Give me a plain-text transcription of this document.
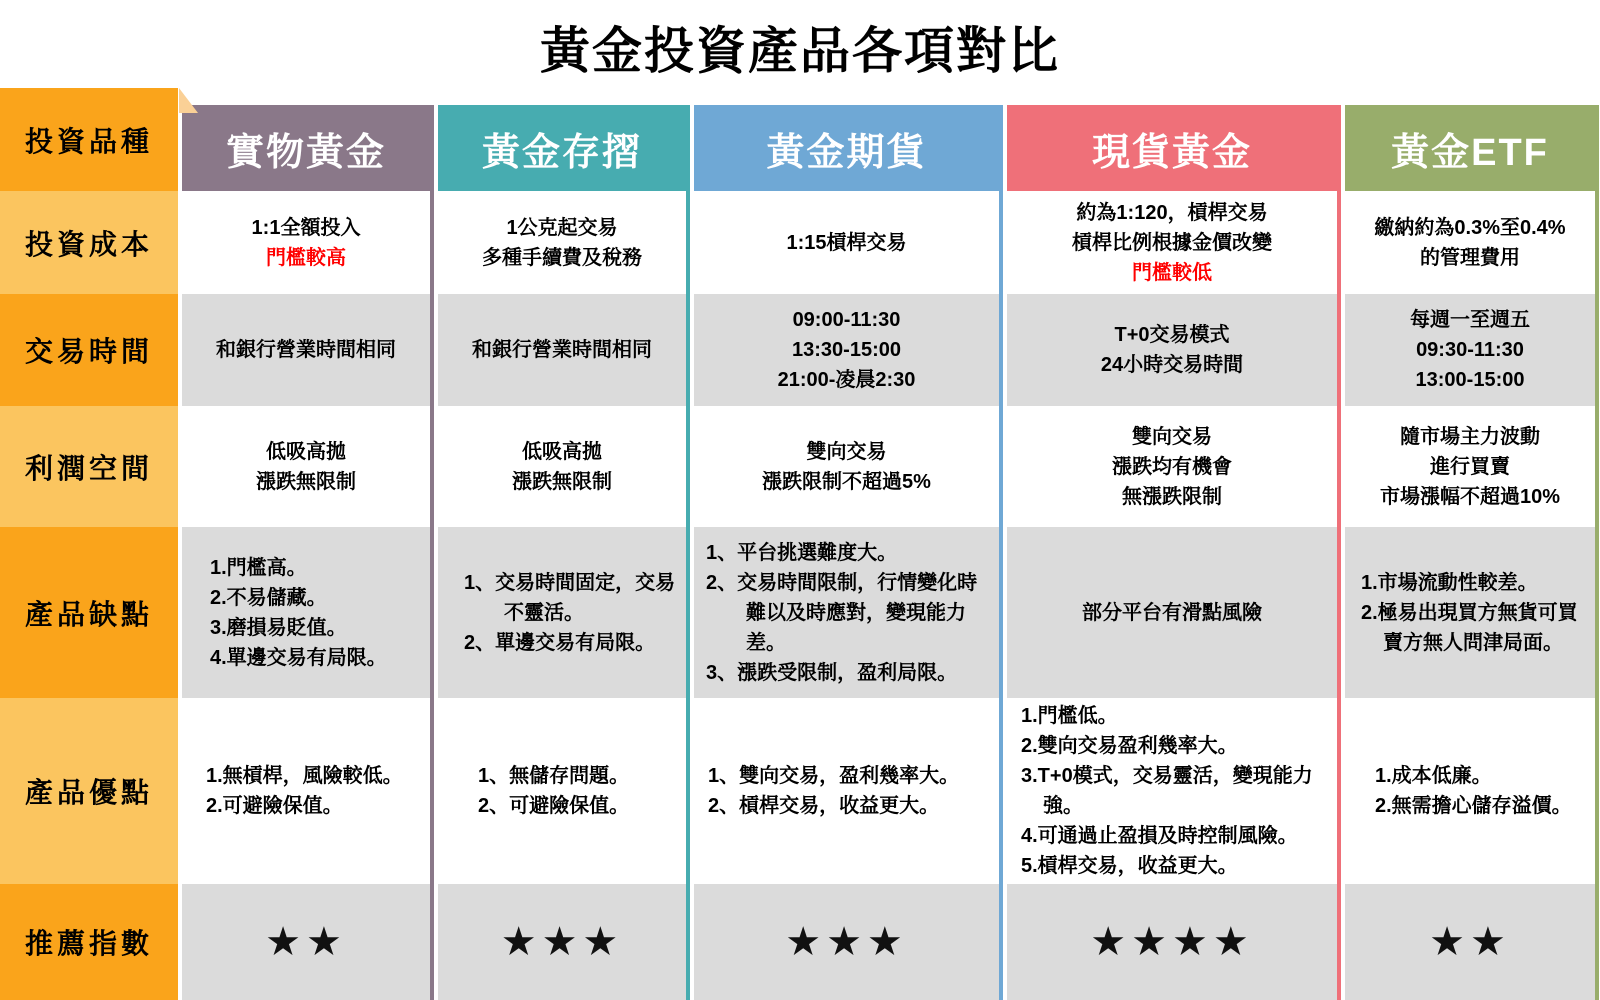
黃金投資產品各項對比
投資品種
投資成本
交易時間
利潤空間
產品缺點
產品優點
推薦指數
實物黃金
1:1全額投入
門檻較高
和銀行營業時間相同
低吸高拋
漲跌無限制
1.門檻高。
2.不易儲藏。
3.磨損易貶值。
4.單邊交易有局限。
1.無槓桿，風險較低。
2.可避險保值。
★★
黃金存摺
1公克起交易
多種手續費及稅務
和銀行營業時間相同
低吸高拋
漲跌無限制
1、交易時間固定，交易不靈活。
2、單邊交易有局限。
1、無儲存問題。
2、可避險保值。
★★★
黃金期貨
1:15槓桿交易
09:00-11:30
13:30-15:00
21:00-凌晨2:30
雙向交易
漲跌限制不超過5%
1、平台挑選難度大。
2、交易時間限制，行情變化時難以及時應對，變現能力差。
3、漲跌受限制，盈利局限。
1、雙向交易，盈利幾率大。
2、槓桿交易，收益更大。
★★★
現貨黃金
約為1:120，槓桿交易
槓桿比例根據金價改變
門檻較低
T+0交易模式
24小時交易時間
雙向交易
漲跌均有機會
無漲跌限制
部分平台有滑點風險
1.門檻低。
2.雙向交易盈利幾率大。
3.T+0模式，交易靈活，變現能力強。
4.可通過止盈損及時控制風險。
5.槓桿交易，收益更大。
★★★★
黃金ETF
繳納約為0.3%至0.4%
的管理費用
每週一至週五
09:30-11:30
13:00-15:00
隨市場主力波動
進行買賣
市場漲幅不超過10%
1.市場流動性較差。
2.極易出現買方無貨可買賣方無人問津局面。
1.成本低廉。
2.無需擔心儲存溢價。
★★
